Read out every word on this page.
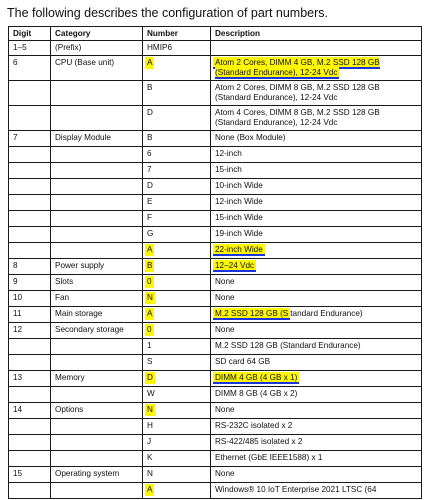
The following describes the configuration of part numbers.
Digit	Category	Number	Description
1–5	(Prefix)	HMIP6	
6	CPU (Base unit)	A	Atom 2 Cores, DIMM 4 GB, M.2 SSD 128 GB (Standard Endurance), 12-24 Vdc
		B	Atom 2 Cores, DIMM 8 GB, M.2 SSD 128 GB (Standard Endurance), 12-24 Vdc
		D	Atom 4 Cores, DIMM 8 GB, M.2 SSD 128 GB (Standard Endurance), 12-24 Vdc
7	Display Module	B	None (Box Module)
		6	12-inch
		7	15-inch
		D	10-inch Wide
		E	12-inch Wide
		F	15-inch Wide
		G	19-inch Wide
		A	22-inch Wide
8	Power supply	B	12–24 Vdc
9	Slots	0	None
10	Fan	N	None
11	Main storage	A	M.2 SSD 128 GB (S tandard Endurance)
12	Secondary storage	0	None
		1	M.2 SSD 128 GB (Standard Endurance)
		S	SD card 64 GB
13	Memory	D	DIMM 4 GB (4 GB x 1)
		W	DIMM 8 GB (4 GB x 2)
14	Options	N	None
		H	RS-232C isolated x 2
		J	RS-422/485 isolated x 2
		K	Ethernet (GbE IEEE1588) x 1
15	Operating system	N	None
		A	Windows® 10 IoT Enterprise 2021 LTSC (64
